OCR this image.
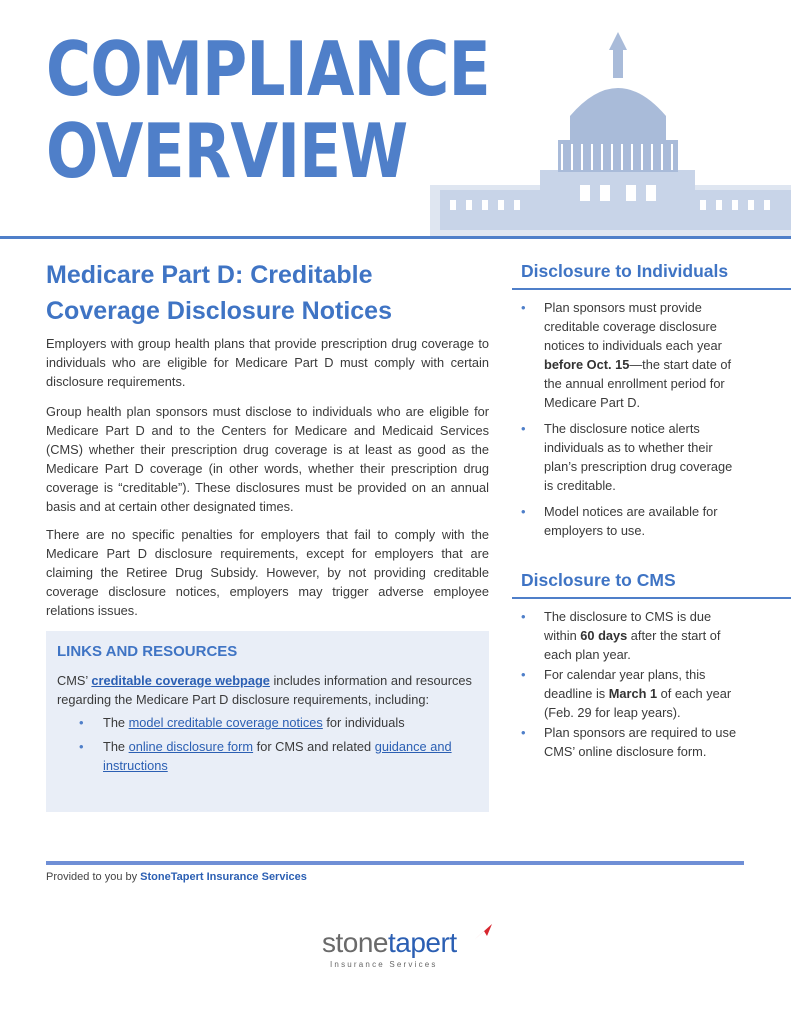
COMPLIANCE
OVERVIEW
Medicare Part D: Creditable
Coverage Disclosure Notices

Employers with group health plans that provide prescription drug coverage to individuals who are eligible for Medicare Part D must comply with certain disclosure requirements.

Group health plan sponsors must disclose to individuals who are eligible for Medicare Part D and to the Centers for Medicare and Medicaid Services (CMS) whether their prescription drug coverage is at least as good as the Medicare Part D coverage (in other words, whether their prescription drug coverage is “creditable”). These disclosures must be provided on an annual basis and at certain other designated times.

There are no specific penalties for employers that fail to comply with the Medicare Part D disclosure requirements, except for employers that are claiming the Retiree Drug Subsidy. However, by not providing creditable coverage disclosure notices, employers may trigger adverse employee relations issues.

LINKS AND RESOURCES

CMS’ creditable coverage webpage includes information and resources regarding the Medicare Part D disclosure requirements, including:

• The model creditable coverage notices for individuals
• The online disclosure form for CMS and related guidance and instructions
Disclosure to Individuals
• Plan sponsors must provide creditable coverage disclosure notices to individuals each year before Oct. 15—the start date of the annual enrollment period for Medicare Part D.
• The disclosure notice alerts individuals as to whether their plan’s prescription drug coverage is creditable.
• Model notices are available for employers to use.
Disclosure to CMS
• The disclosure to CMS is due within 60 days after the start of each plan year.
• For calendar year plans, this deadline is March 1 of each year (Feb. 29 for leap years).
• Plan sponsors are required to use CMS’ online disclosure form.

Provided to you by StoneTapert Insurance Services

stonetapert
Insurance Services
